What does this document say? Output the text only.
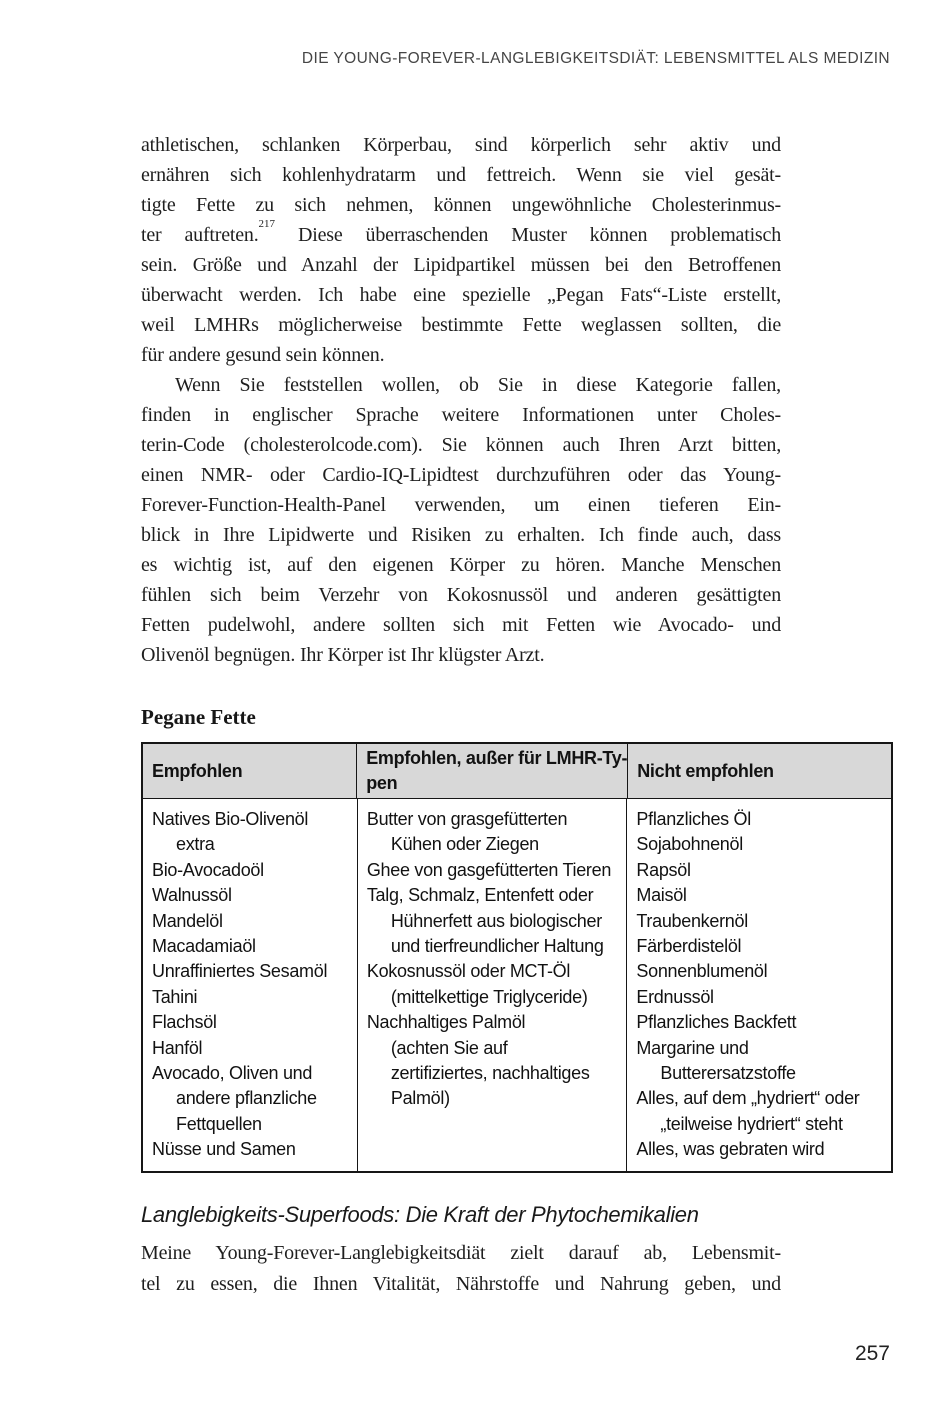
DIE YOUNG-FOREVER-LANGLEBIGKEITSDIÄT: LEBENSMITTEL ALS MEDIZIN
athletischen, schlanken Körperbau, sind körperlich sehr aktiv und
ernähren sich kohlenhydratarm und fettreich. Wenn sie viel gesät-
tigte Fette zu sich nehmen, können ungewöhnliche Cholesterinmus-
ter auftreten.$^{217}$ Diese überraschenden Muster können problematisch
sein. Größe und Anzahl der Lipidpartikel müssen bei den Betroffenen
überwacht werden. Ich habe eine spezielle „Pegan Fats“-Liste erstellt,
weil LMHRs möglicherweise bestimmte Fette weglassen sollten, die
für andere gesund sein können.
Wenn Sie feststellen wollen, ob Sie in diese Kategorie fallen,
finden in englischer Sprache weitere Informationen unter Choles-
terin-Code (cholesterolcode.com). Sie können auch Ihren Arzt bitten,
einen NMR- oder Cardio-IQ-Lipidtest durchzuführen oder das Young-
Forever-Function-Health-Panel verwenden, um einen tieferen Ein-
blick in Ihre Lipidwerte und Risiken zu erhalten. Ich finde auch, dass
es wichtig ist, auf den eigenen Körper zu hören. Manche Menschen
fühlen sich beim Verzehr von Kokosnussöl und anderen gesättigten
Fetten pudelwohl, andere sollten sich mit Fetten wie Avocado- und
Olivenöl begnügen. Ihr Körper ist Ihr klügster Arzt.
Pegane Fette
Empfohlen
Empfohlen, außer für LMHR-Ty-
pen
Nicht empfohlen
Natives Bio-Olivenöl
extra
Bio-Avocadoöl
Walnussöl
Mandelöl
Macadamiaöl
Unraffiniertes Sesamöl
Tahini
Flachsöl
Hanföl
Avocado, Oliven und
andere pflanzliche
Fettquellen
Nüsse und Samen
Butter von grasgefütterten
Kühen oder Ziegen
Ghee von gasgefütterten Tieren
Talg, Schmalz, Entenfett oder
Hühnerfett aus biologischer
und tierfreundlicher Haltung
Kokosnussöl oder MCT-Öl
(mittelkettige Triglyceride)
Nachhaltiges Palmöl
(achten Sie auf
zertifiziertes, nachhaltiges
Palmöl)
Pflanzliches Öl
Sojabohnenöl
Rapsöl
Maisöl
Traubenkernöl
Färberdistelöl
Sonnenblumenöl
Erdnussöl
Pflanzliches Backfett
Margarine und
Butterersatzstoffe
Alles, auf dem „hydriert“ oder
„teilweise hydriert“ steht
Alles, was gebraten wird
Langlebigkeits-Superfoods: Die Kraft der Phytochemikalien
Meine Young-Forever-Langlebigkeitsdiät zielt darauf ab, Lebensmit-
tel zu essen, die Ihnen Vitalität, Nährstoffe und Nahrung geben, und
257
